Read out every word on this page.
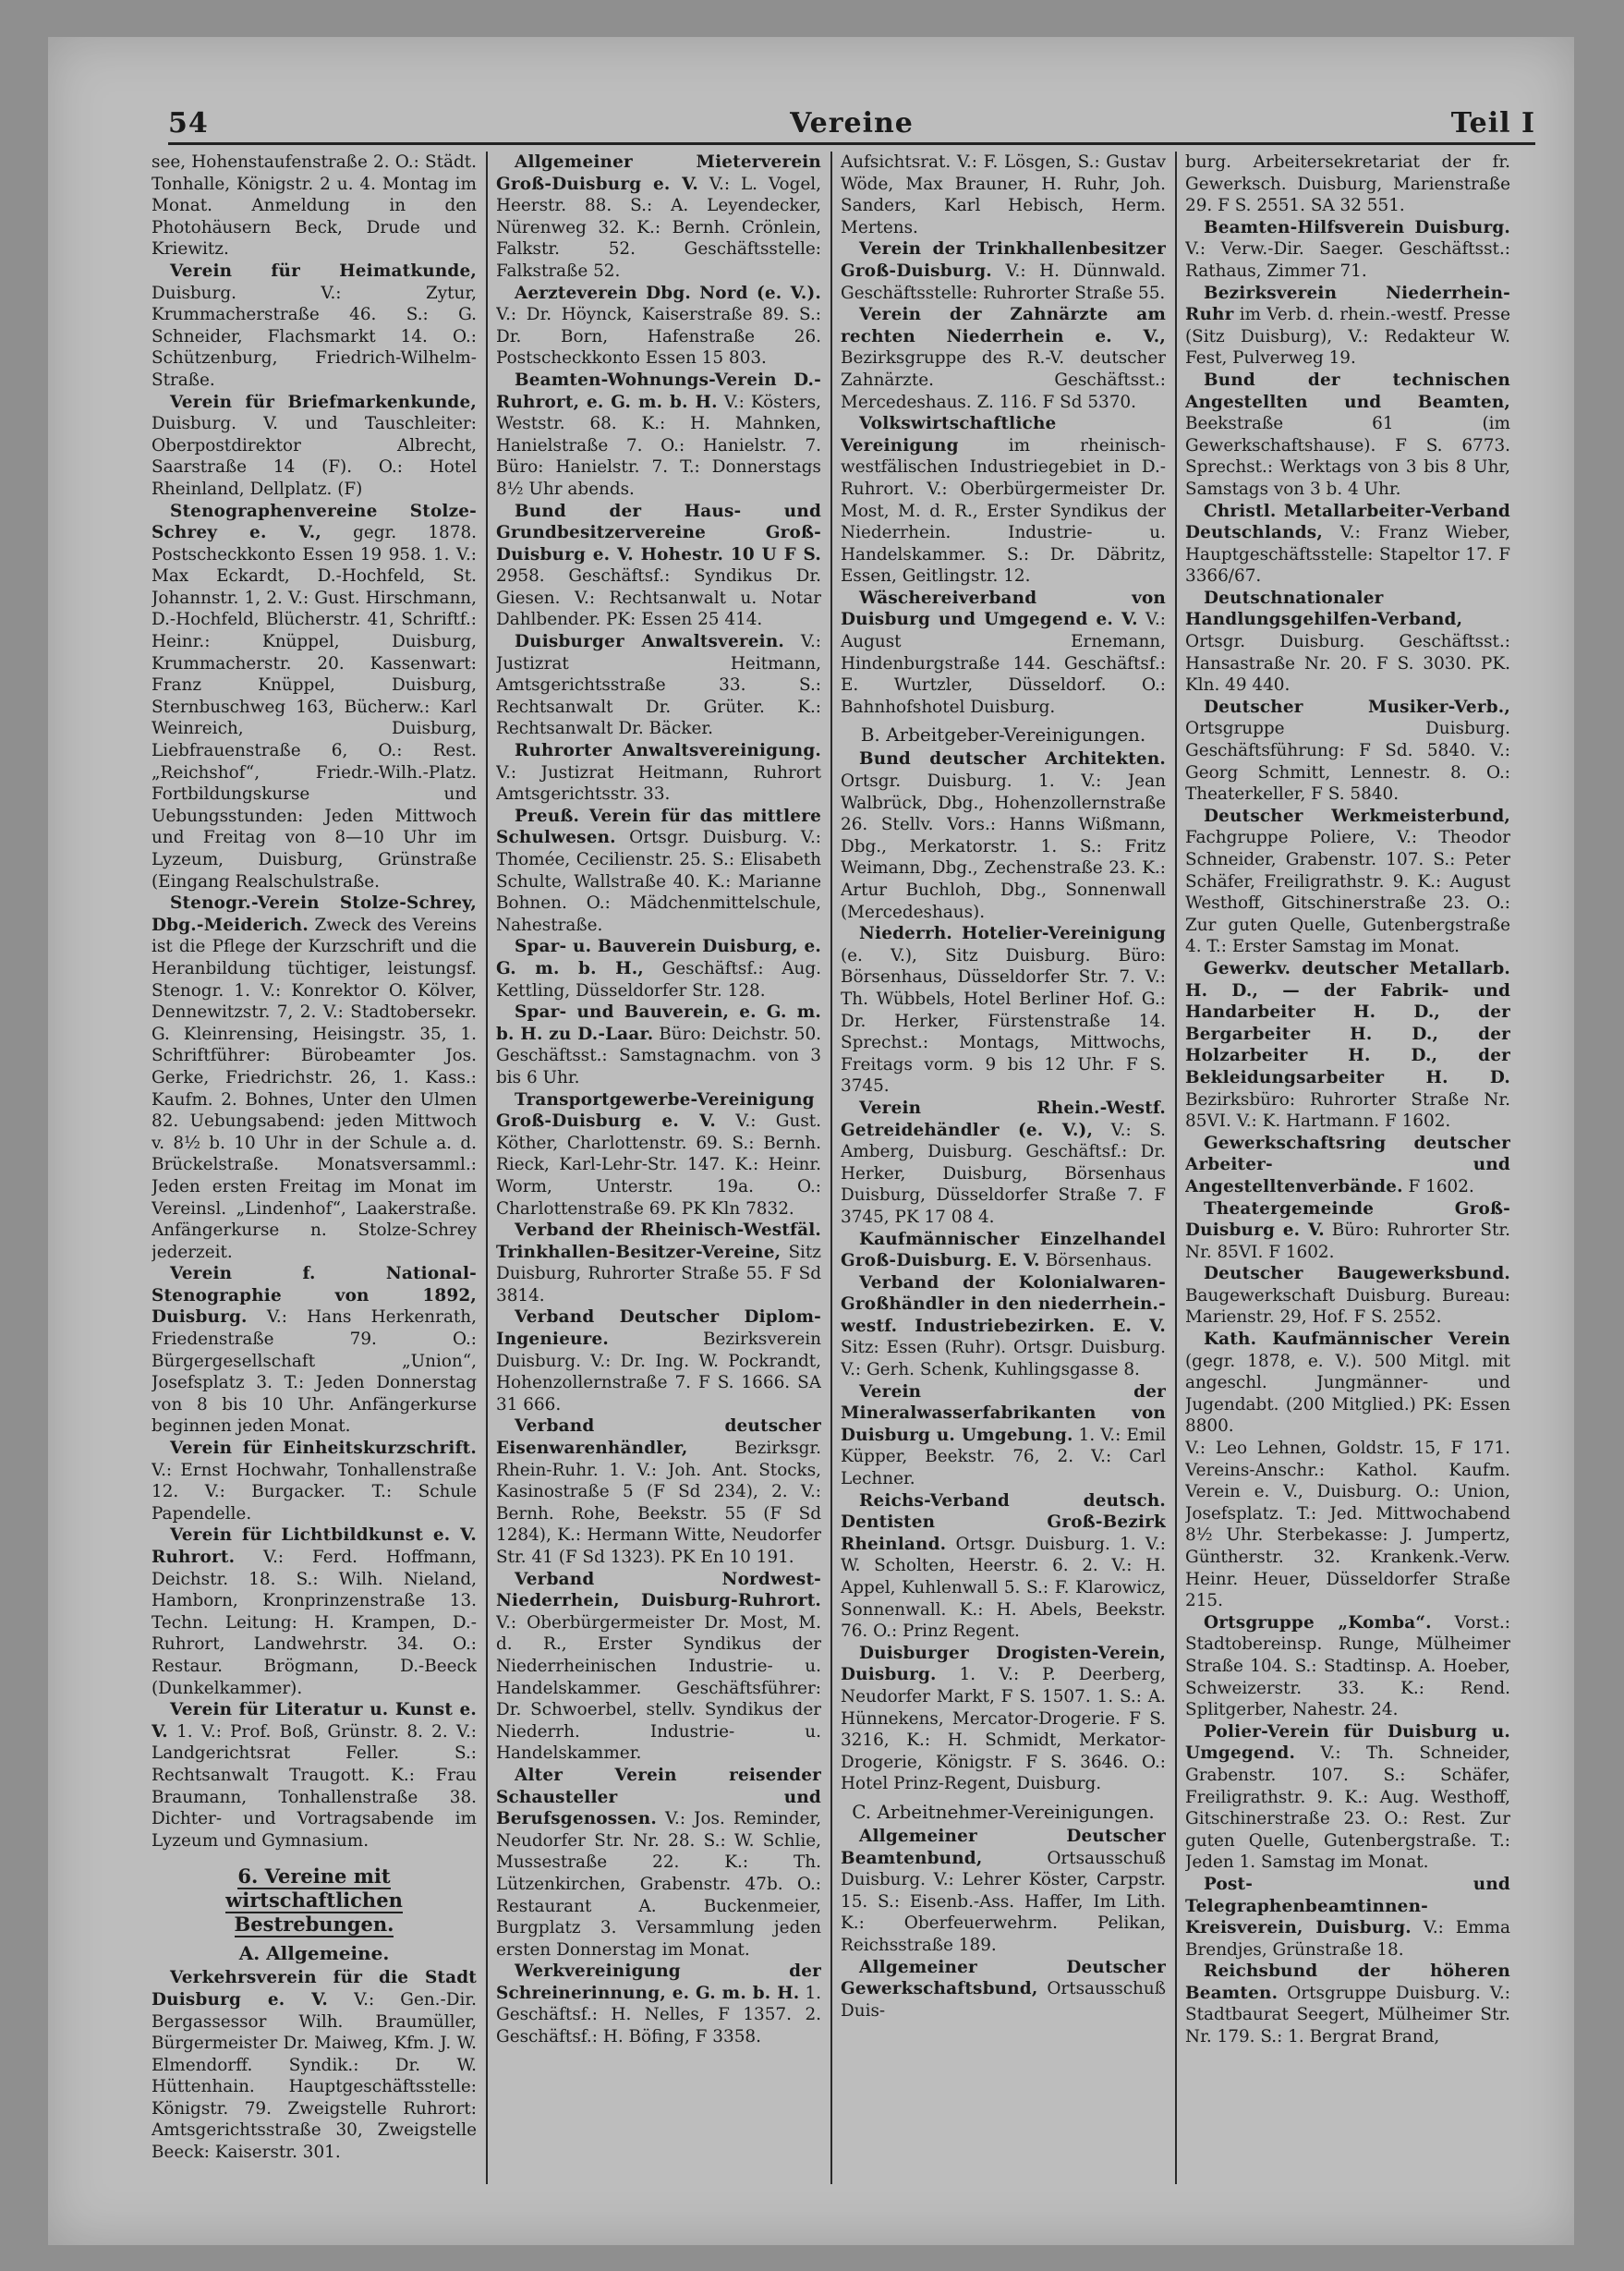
54	Vereine	Teil I

see, Hohenstaufenstraße 2. O.: Städt. Tonhalle, Königstr. 2 u. 4. Montag im Monat. Anmeldung in den Photohäusern Beck, Drude und Kriewitz.

Verein für Heimatkunde, Duisburg. V.: Zytur, Krummacherstraße 46. S.: G. Schneider, Flachsmarkt 14. O.: Schützenburg, Friedrich-Wilhelm-Straße.

Verein für Briefmarkenkunde, Duisburg. V. und Tauschleiter: Oberpostdirektor Albrecht, Saarstraße 14 (F). O.: Hotel Rheinland, Dellplatz. (F)

Stenographenvereine Stolze-Schrey e. V., gegr. 1878. Postscheckkonto Essen 19 958. 1. V.: Max Eckardt, D.-Hochfeld, St. Johannstr. 1, 2. V.: Gust. Hirschmann, D.-Hochfeld, Blücherstr. 41, Schriftf.: Heinr.: Knüppel, Duisburg, Krummacherstr. 20. Kassenwart: Franz Knüppel, Duisburg, Sternbuschweg 163, Bücherw.: Karl Weinreich, Duisburg, Liebfrauenstraße 6, O.: Rest. „Reichshof“, Friedr.-Wilh.-Platz. Fortbildungskurse und Uebungsstunden: Jeden Mittwoch und Freitag von 8—10 Uhr im Lyzeum, Duisburg, Grünstraße (Eingang Realschulstraße.

Stenogr.-Verein Stolze-Schrey, Dbg.-Meiderich. Zweck des Vereins ist die Pflege der Kurzschrift und die Heranbildung tüchtiger, leistungsf. Stenogr. 1. V.: Konrektor O. Kölver, Dennewitzstr. 7, 2. V.: Stadtobersekr. G. Kleinrensing, Heisingstr. 35, 1. Schriftführer: Bürobeamter Jos. Gerke, Friedrichstr. 26, 1. Kass.: Kaufm. 2. Bohnes, Unter den Ulmen 82. Uebungsabend: jeden Mittwoch v. 8½ b. 10 Uhr in der Schule a. d. Brückelstraße. Monatsversamml.: Jeden ersten Freitag im Monat im Vereinsl. „Lindenhof“, Laakerstraße. Anfängerkurse n. Stolze-Schrey jederzeit.

Verein f. National-Stenographie von 1892, Duisburg. V.: Hans Herkenrath, Friedenstraße 79. O.: Bürgergesellschaft „Union“, Josefsplatz 3. T.: Jeden Donnerstag von 8 bis 10 Uhr. Anfängerkurse beginnen jeden Monat.

Verein für Einheitskurzschrift. V.: Ernst Hochwahr, Tonhallenstraße 12. V.: Burgacker. T.: Schule Papendelle.

Verein für Lichtbildkunst e. V. Ruhrort. V.: Ferd. Hoffmann, Deichstr. 18. S.: Wilh. Nieland, Hamborn, Kronprinzenstraße 13. Techn. Leitung: H. Krampen, D.-Ruhrort, Landwehrstr. 34. O.: Restaur. Brögmann, D.-Beeck (Dunkelkammer).

Verein für Literatur u. Kunst e. V. 1. V.: Prof. Boß, Grünstr. 8. 2. V.: Landgerichtsrat Feller. S.: Rechtsanwalt Traugott. K.: Frau Braumann, Tonhallenstraße 38. Dichter- und Vortragsabende im Lyzeum und Gymnasium.

6. Vereine mit wirtschaftlichen Bestrebungen.
A. Allgemeine.

Verkehrsverein für die Stadt Duisburg e. V. V.: Gen.-Dir. Bergassessor Wilh. Braumüller, Bürgermeister Dr. Maiweg, Kfm. J. W. Elmendorff. Syndik.: Dr. W. Hüttenhain. Hauptgeschäftsstelle: Königstr. 79. Zweigstelle Ruhrort: Amtsgerichtsstraße 30, Zweigstelle Beeck: Kaiserstr. 301.

Allgemeiner Mieterverein Groß-Duisburg e. V. V.: L. Vogel, Heerstr. 88. S.: A. Leyendecker, Nürenweg 32. K.: Bernh. Crönlein, Falkstr. 52. Geschäftsstelle: Falkstraße 52.

Aerzteverein Dbg. Nord (e. V.). V.: Dr. Höynck, Kaiserstraße 89. S.: Dr. Born, Hafenstraße 26. Postscheckkonto Essen 15 803.

Beamten-Wohnungs-Verein D.-Ruhrort, e. G. m. b. H. V.: Kösters, Weststr. 68. K.: H. Mahnken, Hanielstraße 7. O.: Hanielstr. 7. Büro: Hanielstr. 7. T.: Donnerstags 8½ Uhr abends.

Bund der Haus- und Grundbesitzervereine Groß-Duisburg e. V. Hohestr. 10 U F S. 2958. Geschäftsf.: Syndikus Dr. Giesen. V.: Rechtsanwalt u. Notar Dahlbender. PK: Essen 25 414.

Duisburger Anwaltsverein. V.: Justizrat Heitmann, Amtsgerichtsstraße 33. S.: Rechtsanwalt Dr. Grüter. K.: Rechtsanwalt Dr. Bäcker.

Ruhrorter Anwaltsvereinigung. V.: Justizrat Heitmann, Ruhrort Amtsgerichtsstr. 33.

Preuß. Verein für das mittlere Schulwesen. Ortsgr. Duisburg. V.: Thomée, Cecilienstr. 25. S.: Elisabeth Schulte, Wallstraße 40. K.: Marianne Bohnen. O.: Mädchenmittelschule, Nahestraße.

Spar- u. Bauverein Duisburg, e. G. m. b. H., Geschäftsf.: Aug. Kettling, Düsseldorfer Str. 128.

Spar- und Bauverein, e. G. m. b. H. zu D.-Laar. Büro: Deichstr. 50. Geschäftsst.: Samstagnachm. von 3 bis 6 Uhr.

Transportgewerbe-Vereinigung Groß-Duisburg e. V. V.: Gust. Köther, Charlottenstr. 69. S.: Bernh. Rieck, Karl-Lehr-Str. 147. K.: Heinr. Worm, Unterstr. 19a. O.: Charlottenstraße 69. PK Kln 7832.

Verband der Rheinisch-Westfäl. Trinkhallen-Besitzer-Vereine, Sitz Duisburg, Ruhrorter Straße 55. F Sd 3814.

Verband Deutscher Diplom-Ingenieure. Bezirksverein Duisburg. V.: Dr. Ing. W. Pockrandt, Hohenzollernstraße 7. F S. 1666. SA 31 666.

Verband deutscher Eisenwarenhändler, Bezirksgr. Rhein-Ruhr. 1. V.: Joh. Ant. Stocks, Kasinostraße 5 (F Sd 234), 2. V.: Bernh. Rohe, Beekstr. 55 (F Sd 1284), K.: Hermann Witte, Neudorfer Str. 41 (F Sd 1323). PK En 10 191.

Verband Nordwest-Niederrhein, Duisburg-Ruhrort. V.: Oberbürgermeister Dr. Most, M. d. R., Erster Syndikus der Niederrheinischen Industrie- u. Handelskammer. Geschäftsführer: Dr. Schwoerbel, stellv. Syndikus der Niederrh. Industrie- u. Handelskammer.

Alter Verein reisender Schausteller und Berufsgenossen. V.: Jos. Reminder, Neudorfer Str. Nr. 28. S.: W. Schlie, Mussestraße 22. K.: Th. Lützenkirchen, Grabenstr. 47b. O.: Restaurant A. Buckenmeier, Burgplatz 3. Versammlung jeden ersten Donnerstag im Monat.

Werkvereinigung der Schreinerinnung, e. G. m. b. H. 1. Geschäftsf.: H. Nelles, F 1357. 2. Geschäftsf.: H. Böfing, F 3358.

Aufsichtsrat. V.: F. Lösgen, S.: Gustav Wöde, Max Brauner, H. Ruhr, Joh. Sanders, Karl Hebisch, Herm. Mertens.

Verein der Trinkhallenbesitzer Groß-Duisburg. V.: H. Dünnwald. Geschäftsstelle: Ruhrorter Straße 55.

Verein der Zahnärzte am rechten Niederrhein e. V., Bezirksgruppe des R.-V. deutscher Zahnärzte. Geschäftsst.: Mercedeshaus. Z. 116. F Sd 5370.

Volkswirtschaftliche Vereinigung im rheinisch-westfälischen Industriegebiet in D.-Ruhrort. V.: Oberbürgermeister Dr. Most, M. d. R., Erster Syndikus der Niederrhein. Industrie- u. Handelskammer. S.: Dr. Däbritz, Essen, Geitlingstr. 12.

Wäschereiverband von Duisburg und Umgegend e. V. V.: August Ernemann, Hindenburgstraße 144. Geschäftsf.: E. Wurtzler, Düsseldorf. O.: Bahnhofshotel Duisburg.

B. Arbeitgeber-Vereinigungen.

Bund deutscher Architekten. Ortsgr. Duisburg. 1. V.: Jean Walbrück, Dbg., Hohenzollernstraße 26. Stellv. Vors.: Hanns Wißmann, Dbg., Merkatorstr. 1. S.: Fritz Weimann, Dbg., Zechenstraße 23. K.: Artur Buchloh, Dbg., Sonnenwall (Mercedeshaus).

Niederrh. Hotelier-Vereinigung (e. V.), Sitz Duisburg. Büro: Börsenhaus, Düsseldorfer Str. 7. V.: Th. Wübbels, Hotel Berliner Hof. G.: Dr. Herker, Fürstenstraße 14. Sprechst.: Montags, Mittwochs, Freitags vorm. 9 bis 12 Uhr. F S. 3745.

Verein Rhein.-Westf. Getreidehändler (e. V.), V.: S. Amberg, Duisburg. Geschäftsf.: Dr. Herker, Duisburg, Börsenhaus Duisburg, Düsseldorfer Straße 7. F 3745, PK 17 08 4.

Kaufmännischer Einzelhandel Groß-Duisburg. E. V. Börsenhaus.

Verband der Kolonialwaren-Großhändler in den niederrhein.-westf. Industriebezirken. E. V. Sitz: Essen (Ruhr). Ortsgr. Duisburg. V.: Gerh. Schenk, Kuhlingsgasse 8.

Verein der Mineralwasserfabrikanten von Duisburg u. Umgebung. 1. V.: Emil Küpper, Beekstr. 76, 2. V.: Carl Lechner.

Reichs-Verband deutsch. Dentisten Groß-Bezirk Rheinland. Ortsgr. Duisburg. 1. V.: W. Scholten, Heerstr. 6. 2. V.: H. Appel, Kuhlenwall 5. S.: F. Klarowicz, Sonnenwall. K.: H. Abels, Beekstr. 76. O.: Prinz Regent.

Duisburger Drogisten-Verein, Duisburg. 1. V.: P. Deerberg, Neudorfer Markt, F S. 1507. 1. S.: A. Hünnekens, Mercator-Drogerie. F S. 3216, K.: H. Schmidt, Merkator-Drogerie, Königstr. F S. 3646. O.: Hotel Prinz-Regent, Duisburg.

C. Arbeitnehmer-Vereinigungen.

Allgemeiner Deutscher Beamtenbund, Ortsausschuß Duisburg. V.: Lehrer Köster, Carpstr. 15. S.: Eisenb.-Ass. Haffer, Im Lith. K.: Oberfeuerwehrm. Pelikan, Reichsstraße 189.

Allgemeiner Deutscher Gewerkschaftsbund, Ortsausschuß Duis-

burg. Arbeitersekretariat der fr. Gewerksch. Duisburg, Marienstraße 29. F S. 2551. SA 32 551.

Beamten-Hilfsverein Duisburg. V.: Verw.-Dir. Saeger. Geschäftsst.: Rathaus, Zimmer 71.

Bezirksverein Niederrhein-Ruhr im Verb. d. rhein.-westf. Presse (Sitz Duisburg), V.: Redakteur W. Fest, Pulverweg 19.

Bund der technischen Angestellten und Beamten, Beekstraße 61 (im Gewerkschaftshause). F S. 6773. Sprechst.: Werktags von 3 bis 8 Uhr, Samstags von 3 b. 4 Uhr.

Christl. Metallarbeiter-Verband Deutschlands, V.: Franz Wieber, Hauptgeschäftsstelle: Stapeltor 17. F 3366/67.

Deutschnationaler Handlungsgehilfen-Verband, Ortsgr. Duisburg. Geschäftsst.: Hansastraße Nr. 20. F S. 3030. PK. Kln. 49 440.

Deutscher Musiker-Verb., Ortsgruppe Duisburg. Geschäftsführung: F Sd. 5840. V.: Georg Schmitt, Lennestr. 8. O.: Theaterkeller, F S. 5840.

Deutscher Werkmeisterbund, Fachgruppe Poliere, V.: Theodor Schneider, Grabenstr. 107. S.: Peter Schäfer, Freiligrathstr. 9. K.: August Westhoff, Gitschinerstraße 23. O.: Zur guten Quelle, Gutenbergstraße 4. T.: Erster Samstag im Monat.

Gewerkv. deutscher Metallarb. H. D., — der Fabrik- und Handarbeiter H. D., der Bergarbeiter H. D., der Holzarbeiter H. D., der Bekleidungsarbeiter H. D. Bezirksbüro: Ruhrorter Straße Nr. 85VI. V.: K. Hartmann. F 1602.

Gewerkschaftsring deutscher Arbeiter- und Angestelltenverbände. F 1602.

Theatergemeinde Groß-Duisburg e. V. Büro: Ruhrorter Str. Nr. 85VI. F 1602.

Deutscher Baugewerksbund. Baugewerkschaft Duisburg. Bureau: Marienstr. 29, Hof. F S. 2552.

Kath. Kaufmännischer Verein (gegr. 1878, e. V.). 500 Mitgl. mit angeschl. Jungmänner- und Jugendabt. (200 Mitglied.) PK: Essen 8800.

V.: Leo Lehnen, Goldstr. 15, F 171. Vereins-Anschr.: Kathol. Kaufm. Verein e. V., Duisburg. O.: Union, Josefsplatz. T.: Jed. Mittwochabend 8½ Uhr. Sterbekasse: J. Jumpertz, Güntherstr. 32. Krankenk.-Verw. Heinr. Heuer, Düsseldorfer Straße 215.

Ortsgruppe „Komba“. Vorst.: Stadtobereinsp. Runge, Mülheimer Straße 104. S.: Stadtinsp. A. Hoeber, Schweizerstr. 33. K.: Rend. Splitgerber, Nahestr. 24.

Polier-Verein für Duisburg u. Umgegend. V.: Th. Schneider, Grabenstr. 107. S.: Schäfer, Freiligrathstr. 9. K.: Aug. Westhoff, Gitschinerstraße 23. O.: Rest. Zur guten Quelle, Gutenbergstraße. T.: Jeden 1. Samstag im Monat.

Post- und Telegraphenbeamtinnen-Kreisverein, Duisburg. V.: Emma Brendjes, Grünstraße 18.

Reichsbund der höheren Beamten. Ortsgruppe Duisburg. V.: Stadtbaurat Seegert, Mülheimer Str. Nr. 179. S.: 1. Bergrat Brand,
